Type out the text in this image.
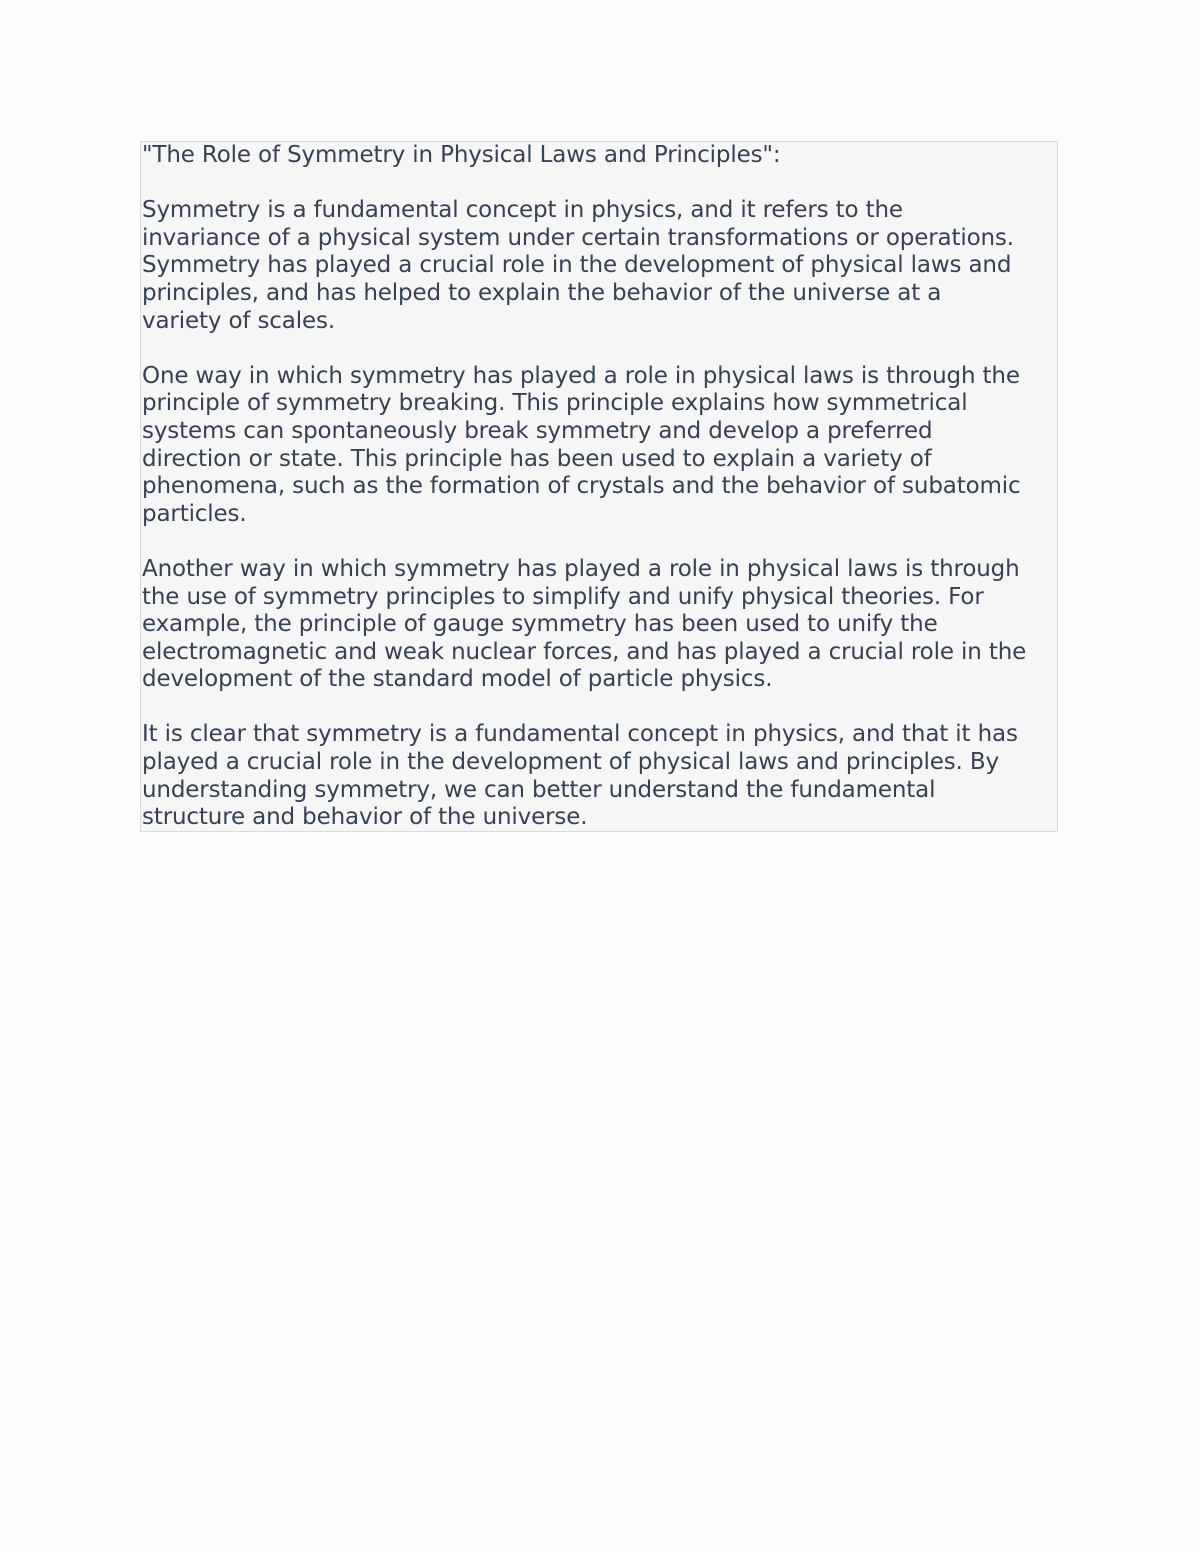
"The Role of Symmetry in Physical Laws and Principles":

Symmetry is a fundamental concept in physics, and it refers to the
invariance of a physical system under certain transformations or operations.
Symmetry has played a crucial role in the development of physical laws and
principles, and has helped to explain the behavior of the universe at a
variety of scales.

One way in which symmetry has played a role in physical laws is through the
principle of symmetry breaking. This principle explains how symmetrical
systems can spontaneously break symmetry and develop a preferred
direction or state. This principle has been used to explain a variety of
phenomena, such as the formation of crystals and the behavior of subatomic
particles.

Another way in which symmetry has played a role in physical laws is through
the use of symmetry principles to simplify and unify physical theories. For
example, the principle of gauge symmetry has been used to unify the
electromagnetic and weak nuclear forces, and has played a crucial role in the
development of the standard model of particle physics.

It is clear that symmetry is a fundamental concept in physics, and that it has
played a crucial role in the development of physical laws and principles. By
understanding symmetry, we can better understand the fundamental
structure and behavior of the universe.
